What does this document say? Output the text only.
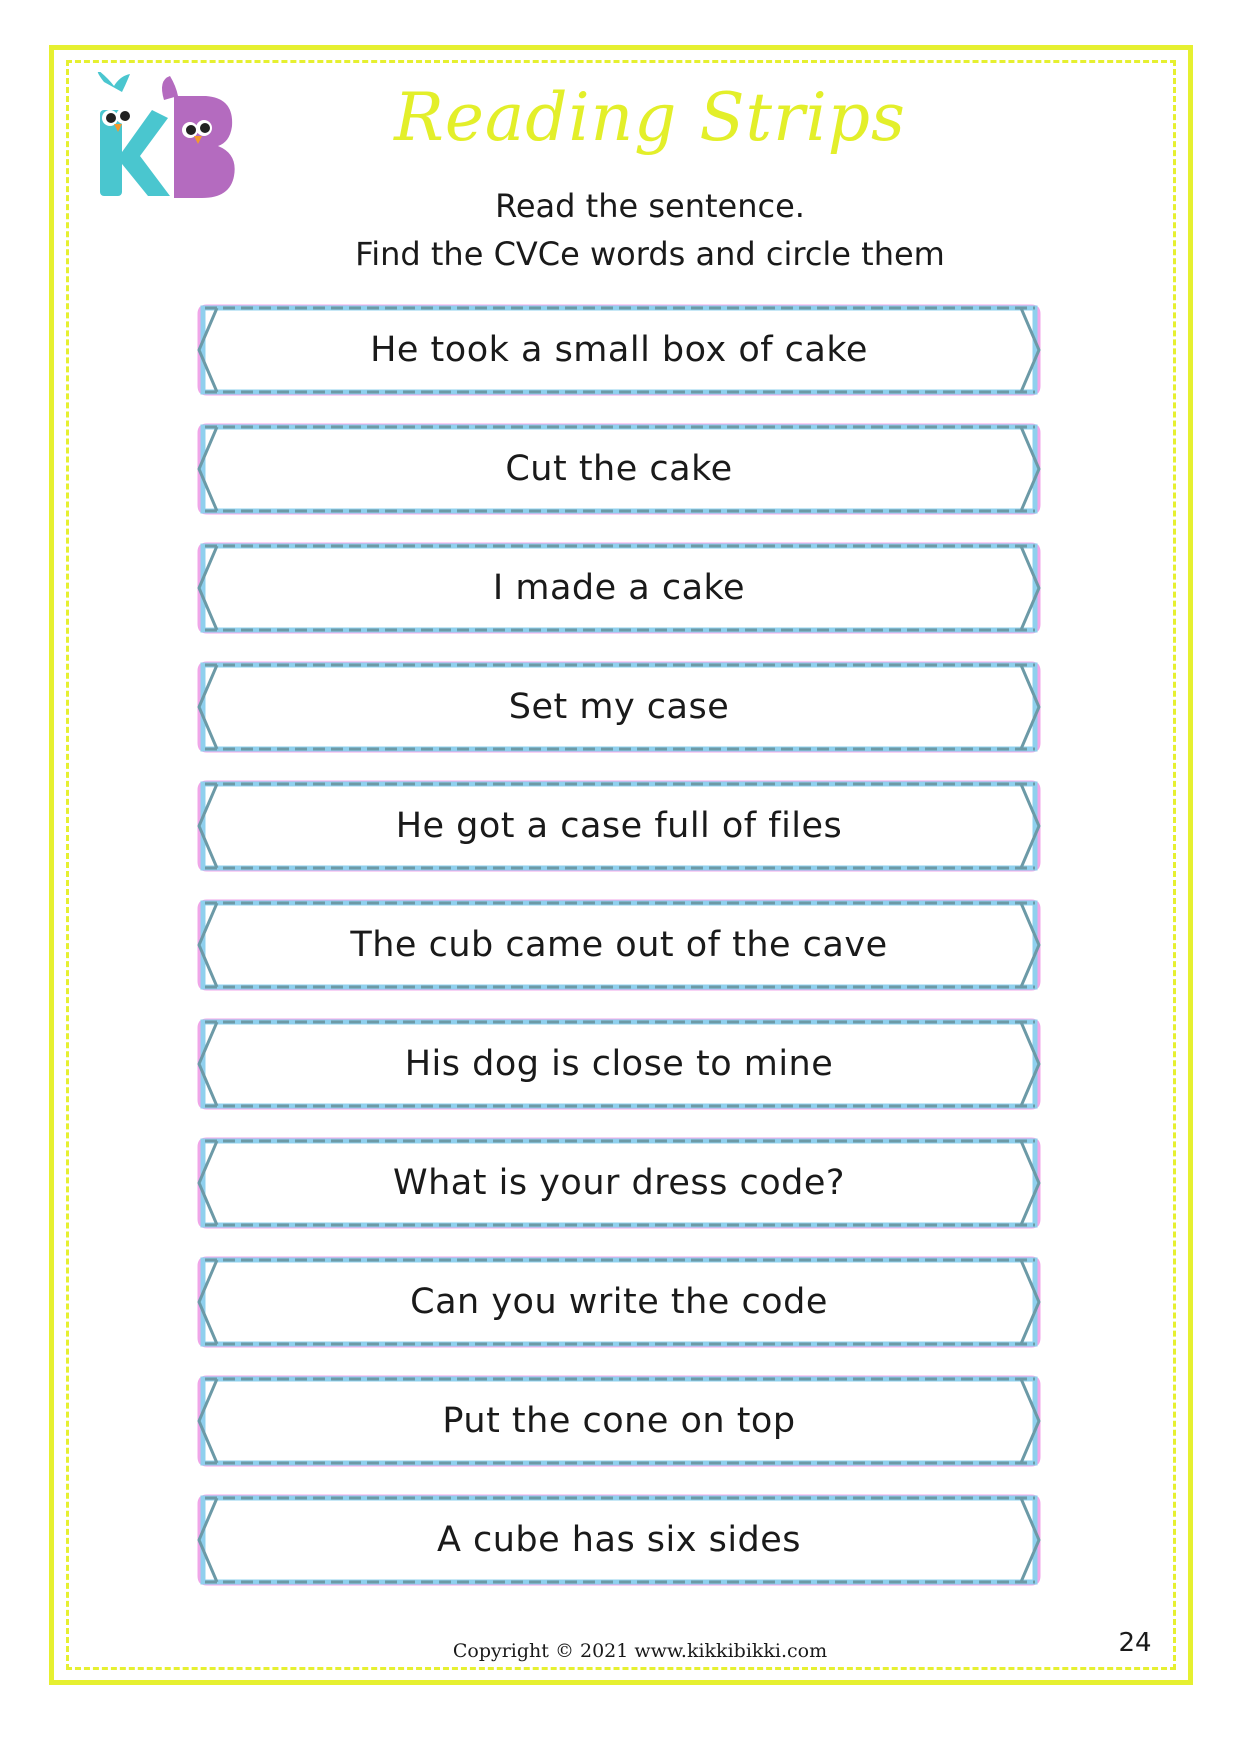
Reading Strips
Read the sentence.
Find the CVCe words and circle them
He took a small box of cake
Cut the cake
I made a cake
Set my case
He got a case full of files
The cub came out of the cave
His dog is close to mine
What is your dress code?
Can you write the code
Put the cone on top
A cube has six sides
Copyright © 2021 www.kikkibikki.com	24
